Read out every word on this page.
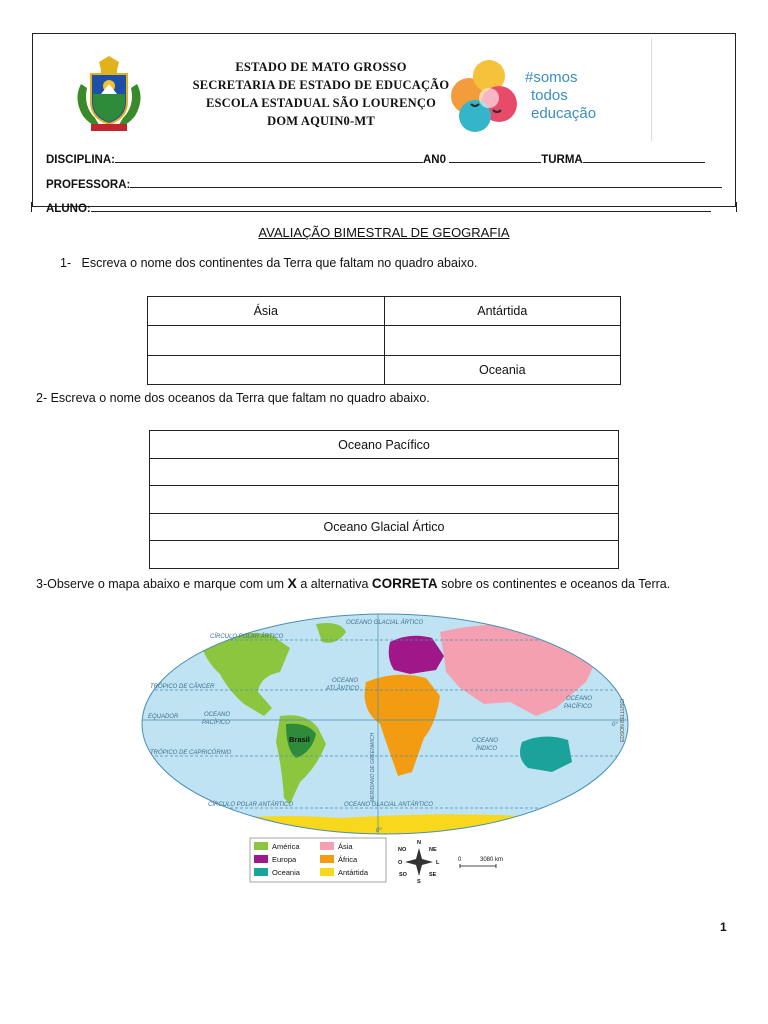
ESTADO DE MATO GROSSO
SECRETARIA DE ESTADO DE EDUCAÇÃO
ESCOLA ESTADUAL SÃO LOURENÇO
DOM AQUIN0-MT
#somos
todos
educação
DISCIPLINA:	AN0	TURMA
PROFESSORA:
ALUNO:
AVALIAÇÃO BIMESTRAL DE GEOGRAFIA
1- Escreva o nome dos continentes da Terra que faltam no quadro abaixo.
Ásia	Antártida

	Oceania
2- Escreva o nome dos oceanos da Terra que faltam no quadro abaixo.
Oceano Pacífico

Oceano Glacial Ártico

3-Observe o mapa abaixo e marque com um X a alternativa CORRETA sobre os continentes e oceanos da Terra.
CÍRCULO POLAR ÁRTICO
OCEANO GLACIAL ÁRTICO
TRÓPICO DE CÂNCER
EQUADOR
TRÓPICO DE CAPRICÓRNIO
CÍRCULO POLAR ANTÁRTICO	OCEANO GLACIAL ANTÁRTICO
OCEANO
ATLÂNTICO
OCEANO
PACÍFICO
OCEANO
PACÍFICO
OCEANO
ÍNDICO
0°
0°
MERIDIANO DE GREENWICH
Brasil	EDSON BELLUSCI
América	Ásia
Europa	África
Oceania	Antártida
N
NE
L
SE
S
SO
O
NO
0	3080 km
1
